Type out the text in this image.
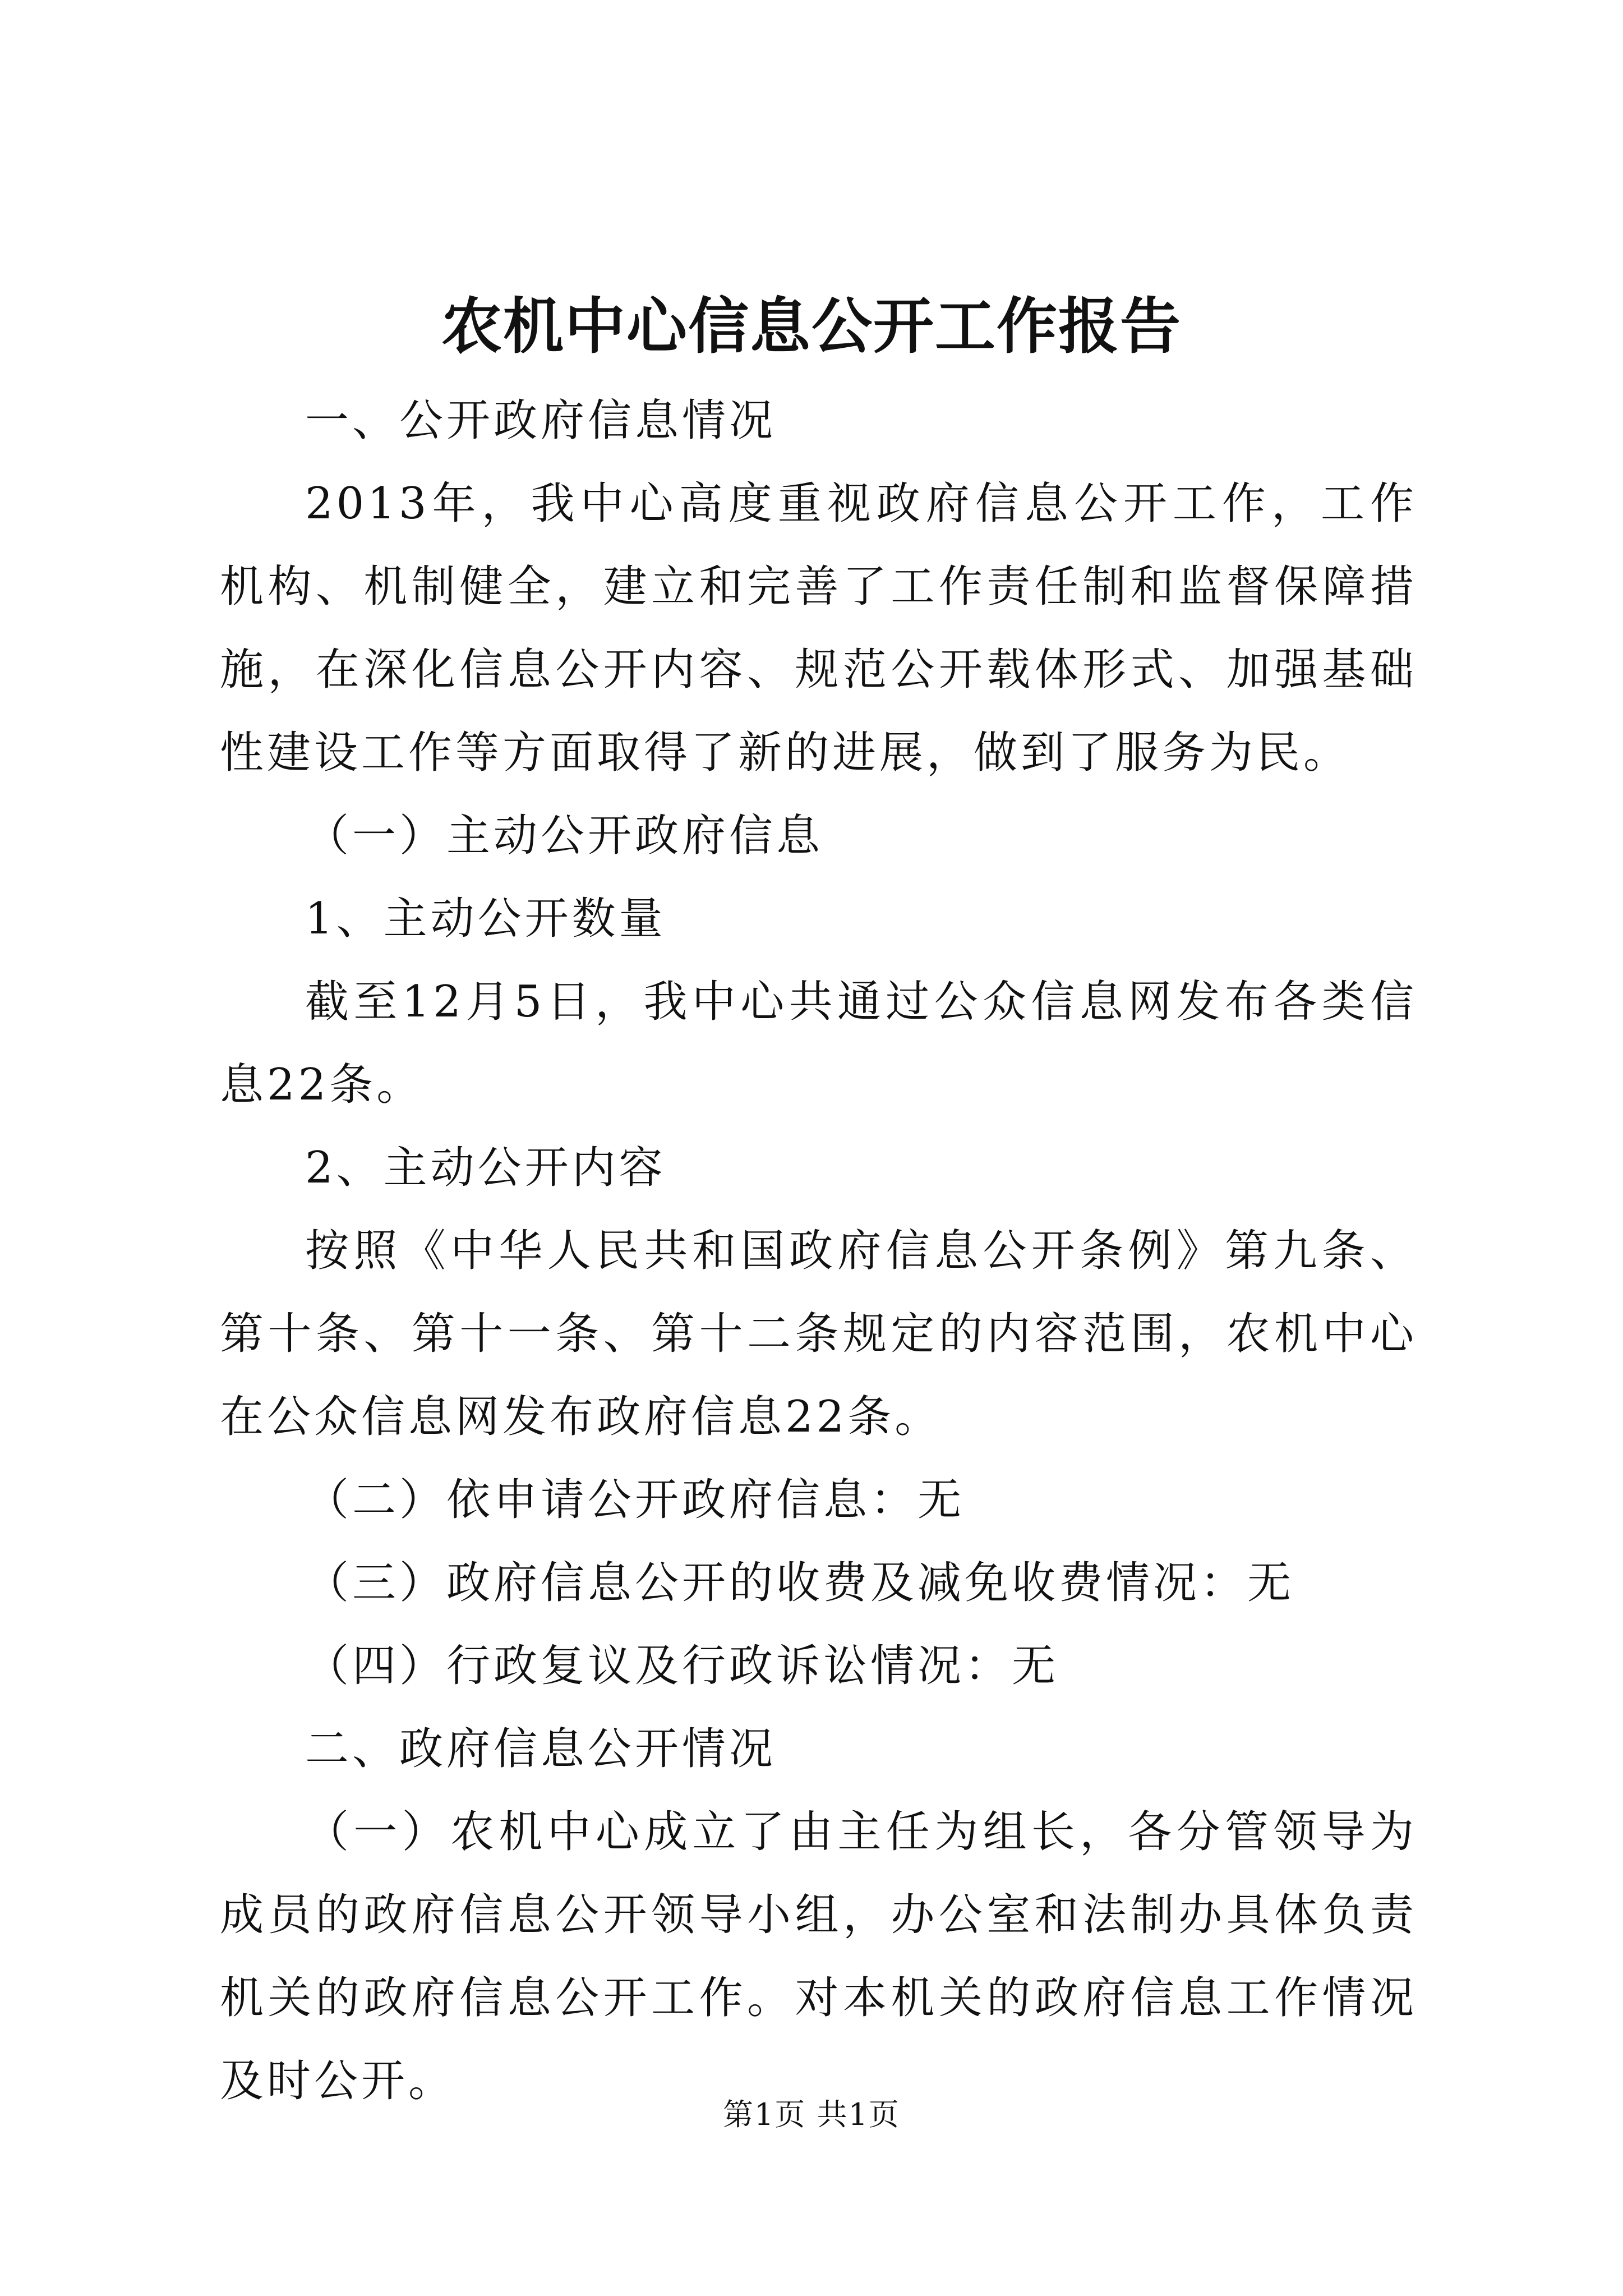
农机中心信息公开工作报告

一、公开政府信息情况

2013年，我中心高度重视政府信息公开工作，工作机构、机制健全，建立和完善了工作责任制和监督保障措施，在深化信息公开内容、规范公开载体形式、加强基础性建设工作等方面取得了新的进展，做到了服务为民。

（一）主动公开政府信息

1、主动公开数量

截至12月5日，我中心共通过公众信息网发布各类信息22条。

2、主动公开内容

按照《中华人民共和国政府信息公开条例》第九条、第十条、第十一条、第十二条规定的内容范围，农机中心在公众信息网发布政府信息22条。

（二）依申请公开政府信息：无

（三）政府信息公开的收费及减免收费情况：无

（四）行政复议及行政诉讼情况：无

二、政府信息公开情况

（一）农机中心成立了由主任为组长，各分管领导为成员的政府信息公开领导小组，办公室和法制办具体负责机关的政府信息公开工作。对本机关的政府信息工作情况及时公开。

第1页 共1页
